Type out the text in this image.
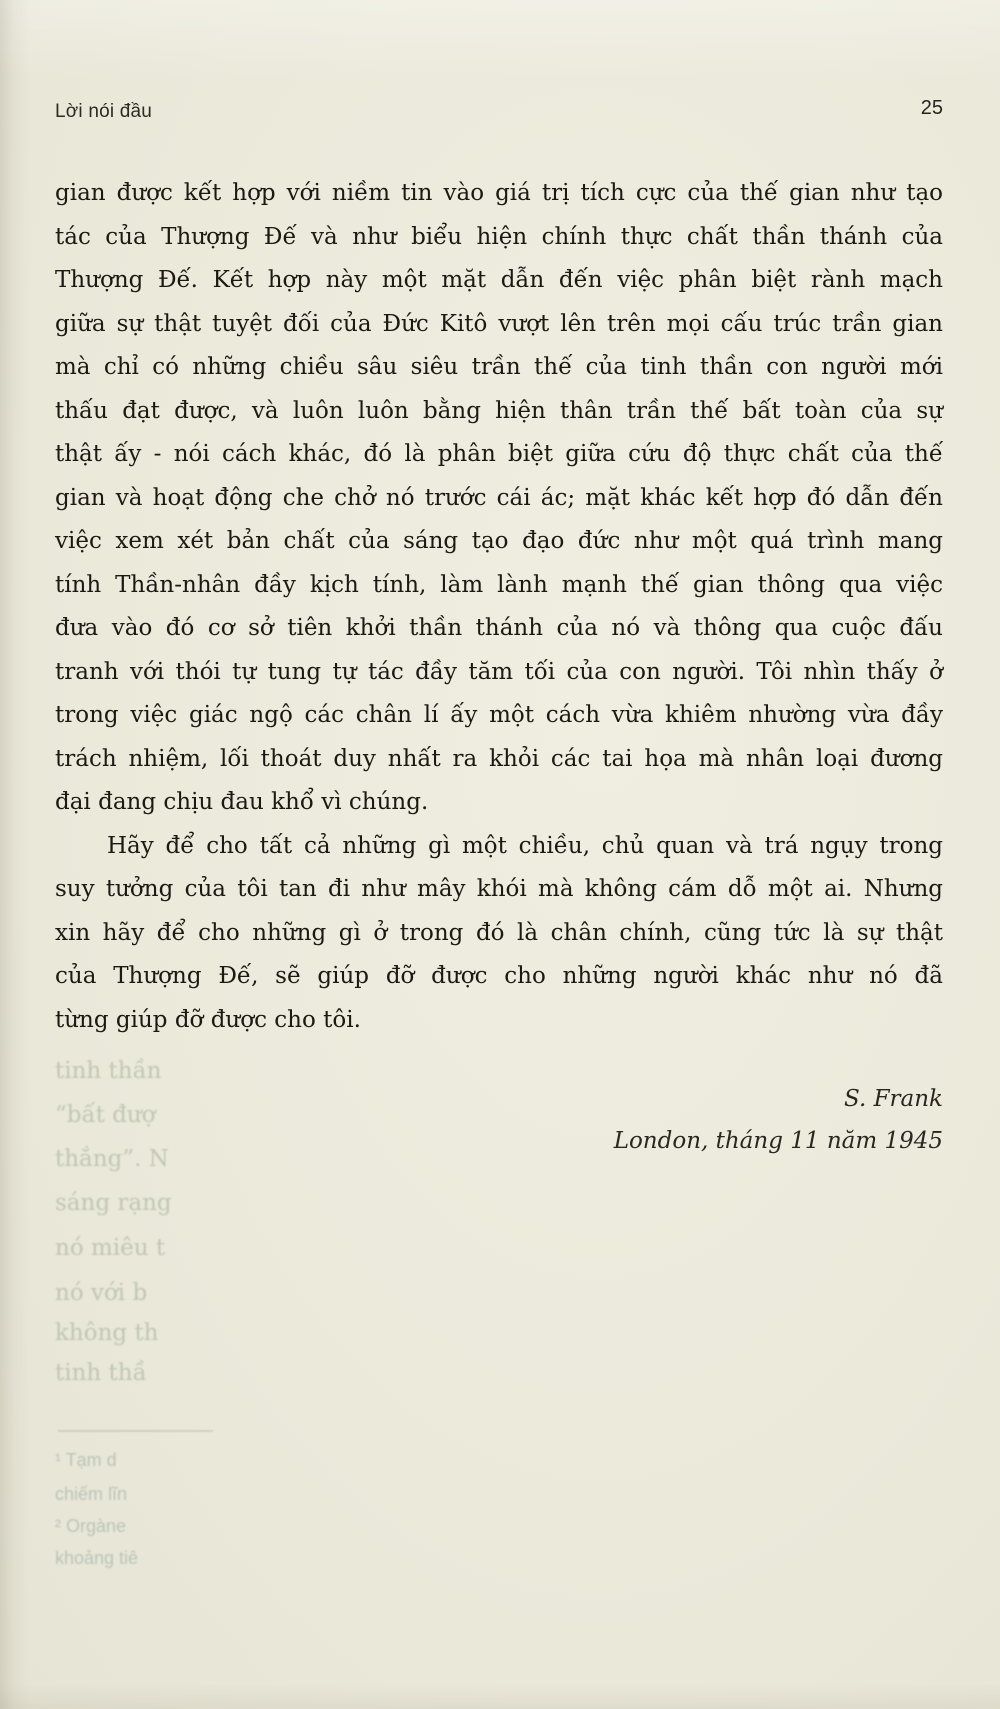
Lời nói đầu	25
gian được kết hợp với niềm tin vào giá trị tích cực của thế gian như tạo
tác của Thượng Đế và như biểu hiện chính thực chất thần thánh của
Thượng Đế. Kết hợp này một mặt dẫn đến việc phân biệt rành mạch
giữa sự thật tuyệt đối của Đức Kitô vượt lên trên mọi cấu trúc trần gian
mà chỉ có những chiều sâu siêu trần thế của tinh thần con người mới
thấu đạt được, và luôn luôn bằng hiện thân trần thế bất toàn của sự
thật ấy - nói cách khác, đó là phân biệt giữa cứu độ thực chất của thế
gian và hoạt động che chở nó trước cái ác; mặt khác kết hợp đó dẫn đến
việc xem xét bản chất của sáng tạo đạo đức như một quá trình mang
tính Thần-nhân đầy kịch tính, làm lành mạnh thế gian thông qua việc
đưa vào đó cơ sở tiên khởi thần thánh của nó và thông qua cuộc đấu
tranh với thói tự tung tự tác đầy tăm tối của con người. Tôi nhìn thấy ở
trong việc giác ngộ các chân lí ấy một cách vừa khiêm nhường vừa đầy
trách nhiệm, lối thoát duy nhất ra khỏi các tai họa mà nhân loại đương
đại đang chịu đau khổ vì chúng.
Hãy để cho tất cả những gì một chiều, chủ quan và trá ngụy trong
suy tưởng của tôi tan đi như mây khói mà không cám dỗ một ai. Nhưng
xin hãy để cho những gì ở trong đó là chân chính, cũng tức là sự thật
của Thượng Đế, sẽ giúp đỡ được cho những người khác như nó đã
từng giúp đỡ được cho tôi.
S. Frank
London, tháng 11 năm 1945
tinh thần
“bất đượ
thắng”. N
sáng rạng
nó miêu t
nó với b
không th
tinh thầ
¹ Tạm d
chiếm lĩn
² Orgàne
khoảng tiê
